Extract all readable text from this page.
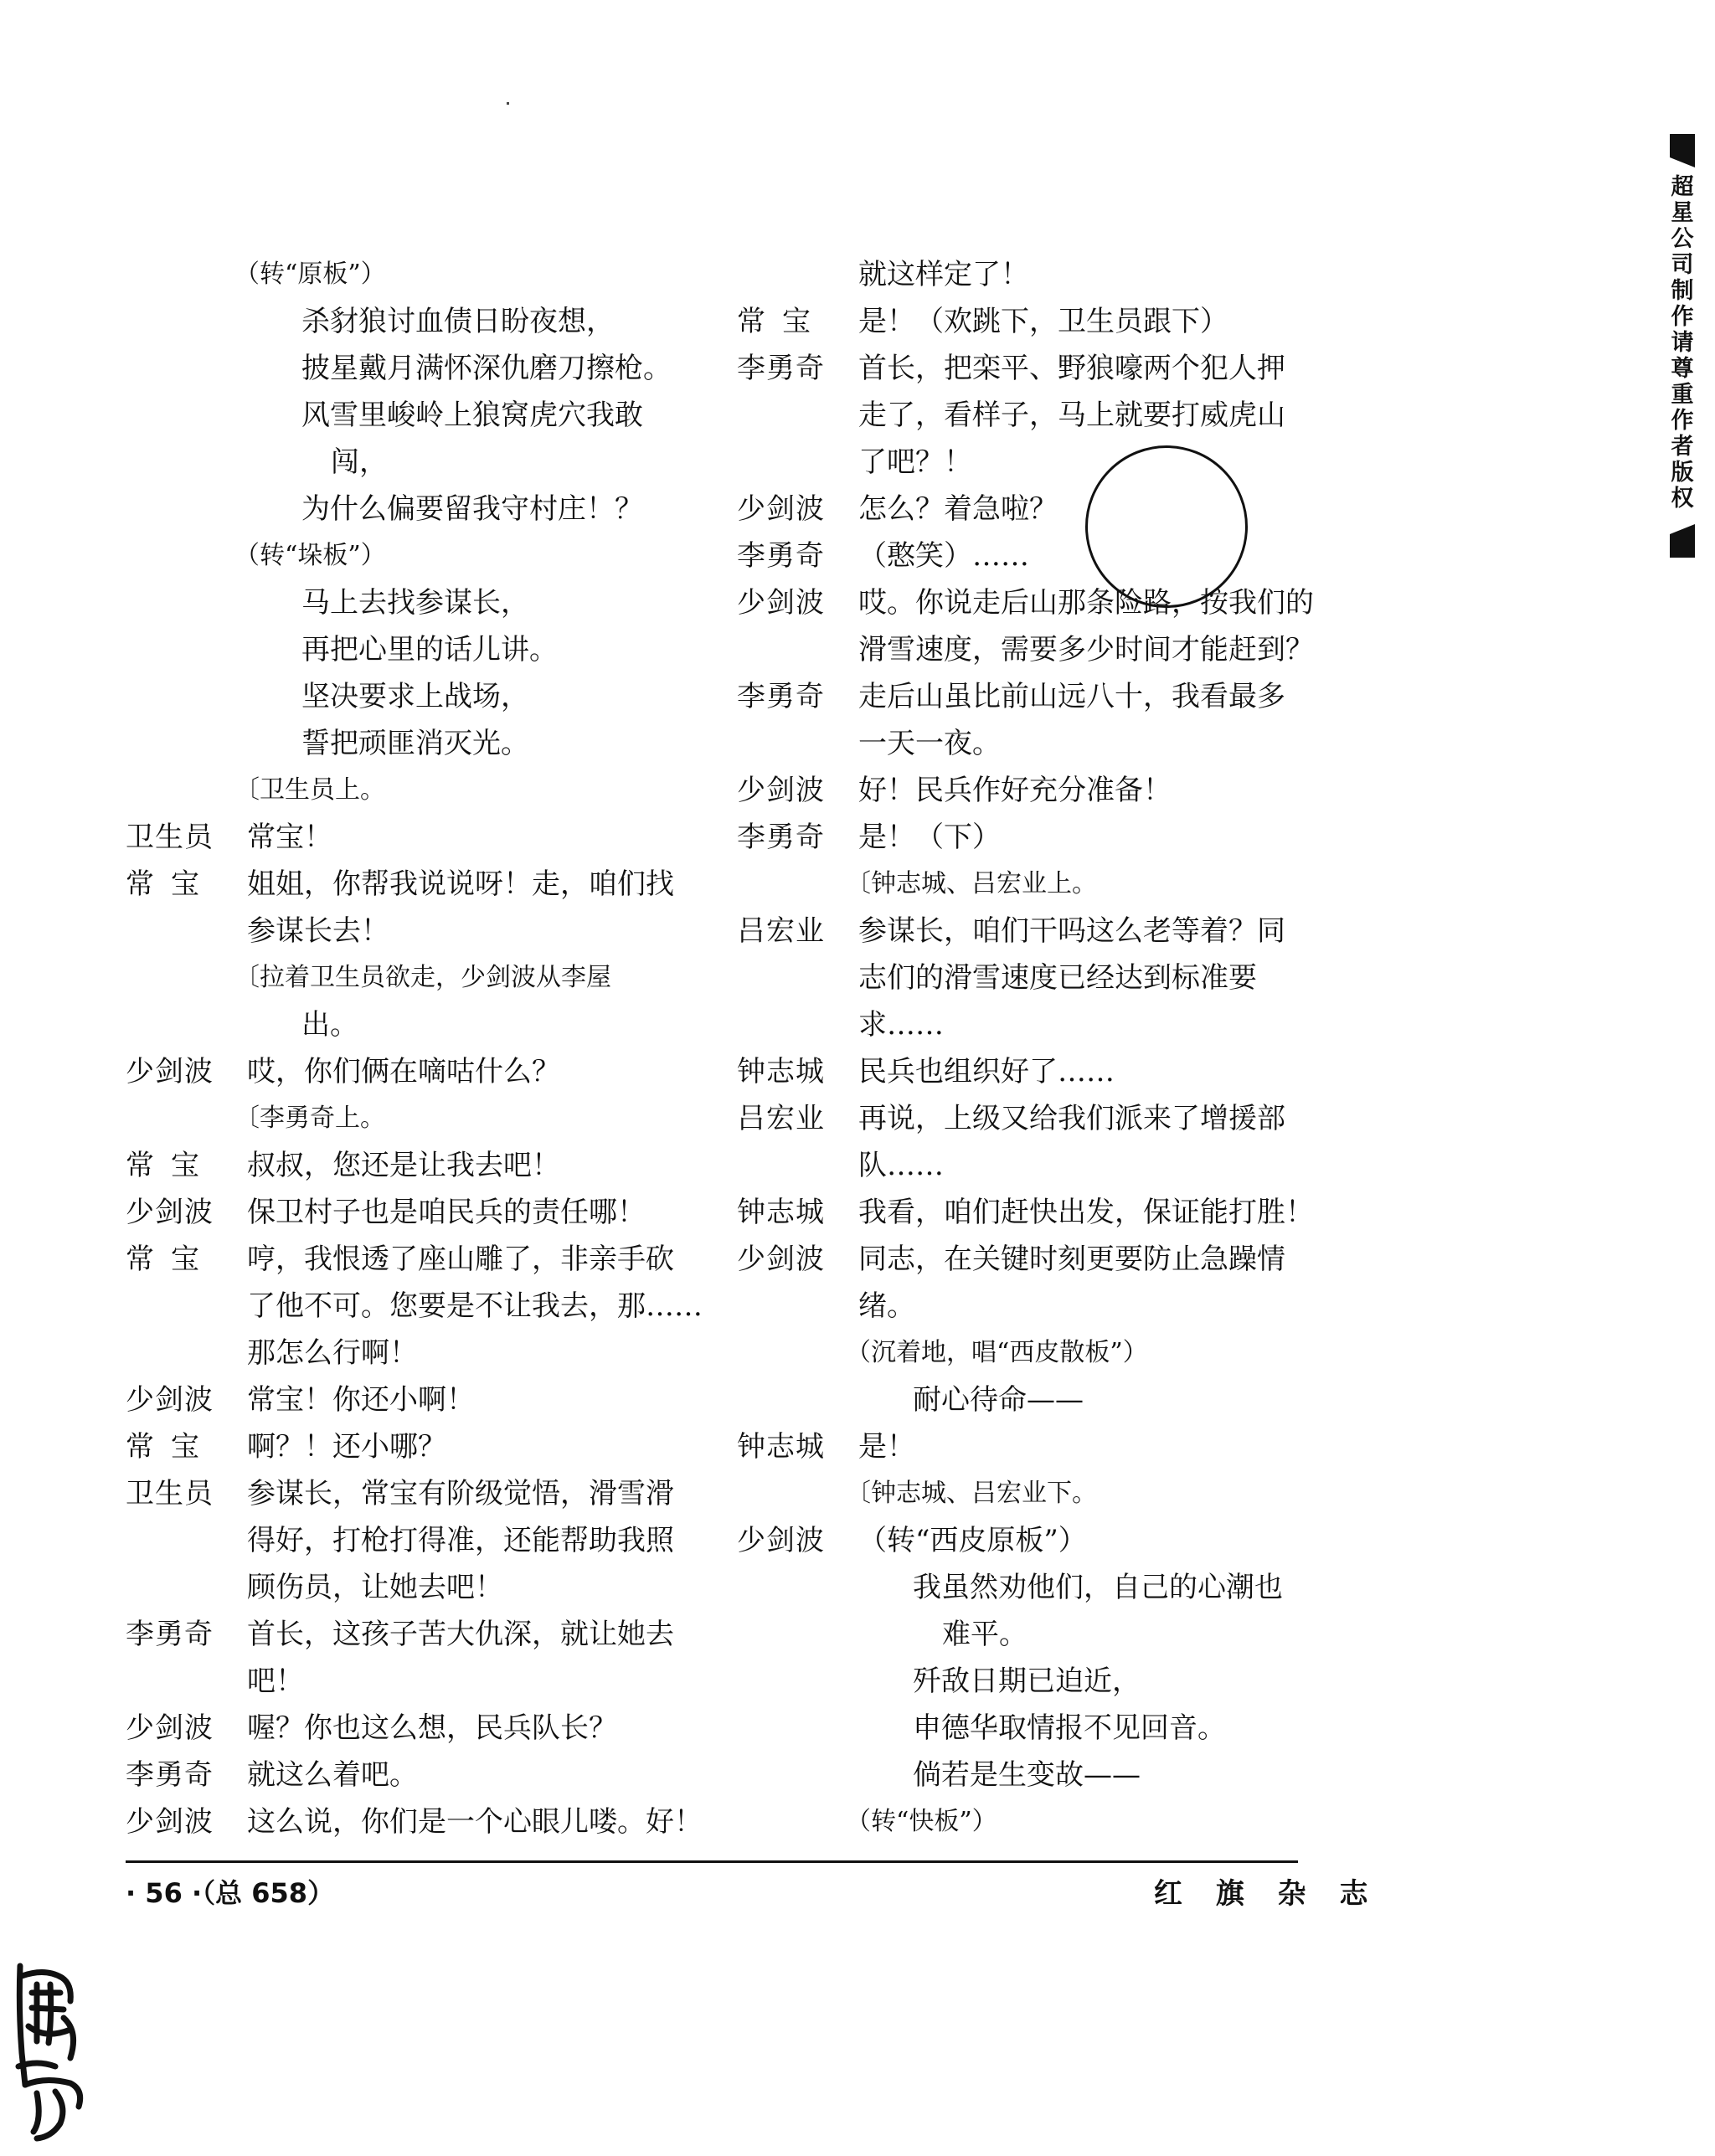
（转“原板”）
杀豺狼讨血债日盼夜想，
披星戴月满怀深仇磨刀擦枪。
风雪里峻岭上狼窝虎穴我敢
闯，
为什么偏要留我守村庄！？
（转“垛板”）
马上去找参谋长，
再把心里的话儿讲。
坚决要求上战场，
誓把顽匪消灭光。
〔卫生员上。
卫生员	常宝！
常宝	姐姐，你帮我说说呀！走，咱们找
参谋长去！
〔拉着卫生员欲走，少剑波从李屋
出。
少剑波	哎，你们俩在嘀咕什么？
〔李勇奇上。
常宝	叔叔，您还是让我去吧！
少剑波	保卫村子也是咱民兵的责任哪！
常宝	哼，我恨透了座山雕了，非亲手砍
了他不可。您要是不让我去，那……
那怎么行啊！
少剑波	常宝！你还小啊！
常宝	啊？！还小哪？
卫生员	参谋长，常宝有阶级觉悟，滑雪滑
得好，打枪打得准，还能帮助我照
顾伤员，让她去吧！
李勇奇	首长，这孩子苦大仇深，就让她去
吧！
少剑波	喔？你也这么想，民兵队长？
李勇奇	就这么着吧。
少剑波	这么说，你们是一个心眼儿喽。好！
就这样定了！
常宝	是！（欢跳下，卫生员跟下）
李勇奇	首长，把栾平、野狼嚎两个犯人押
走了，看样子，马上就要打威虎山
了吧？！
少剑波	怎么？着急啦？
李勇奇	（憨笑）……
少剑波	哎。你说走后山那条险路，按我们的
滑雪速度，需要多少时间才能赶到？
李勇奇	走后山虽比前山远八十，我看最多
一天一夜。
少剑波	好！民兵作好充分准备！
李勇奇	是！（下）
〔钟志城、吕宏业上。
吕宏业	参谋长，咱们干吗这么老等着？同
志们的滑雪速度已经达到标准要
求……
钟志城	民兵也组织好了……
吕宏业	再说，上级又给我们派来了增援部
队……
钟志城	我看，咱们赶快出发，保证能打胜！
少剑波	同志，在关键时刻更要防止急躁情
绪。
（沉着地，唱“西皮散板”）
耐心待命——
钟志城	是！
〔钟志城、吕宏业下。
少剑波	（转“西皮原板”）
我虽然劝他们，自己的心潮也
难平。
歼敌日期已迫近，
申德华取情报不见回音。
倘若是生变故——
（转“快板”）
· 56 ·（总 658）	红 旗 杂 志
超
星
公
司
制
作
请
尊
重
作
者
版
权
